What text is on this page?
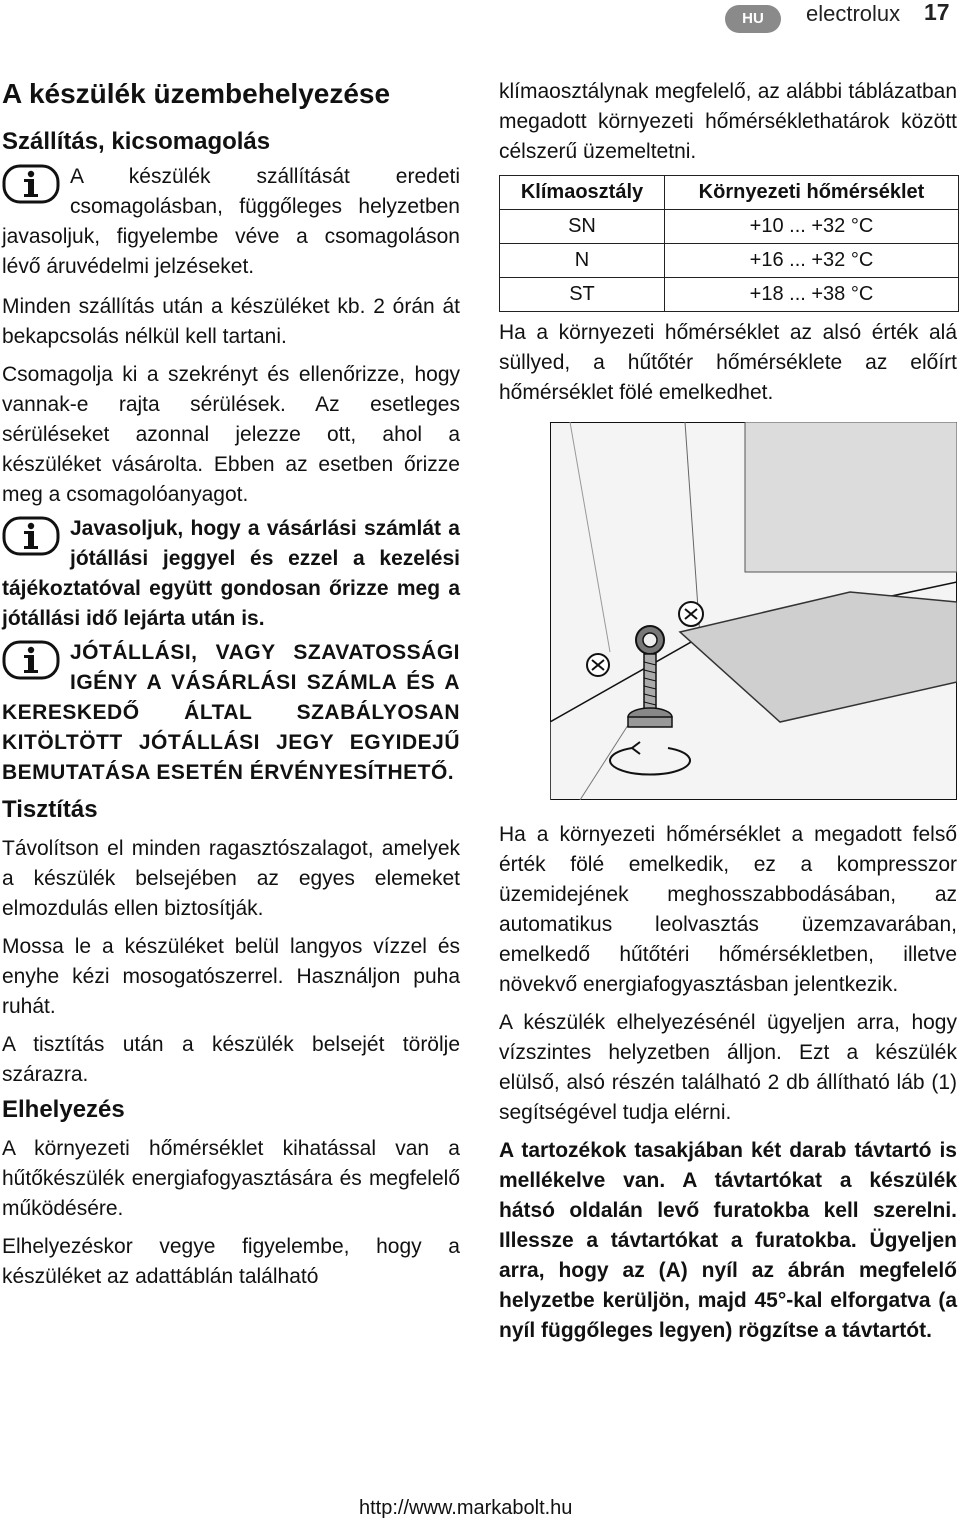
HU	electrolux 17
A készülék üzembehelyezése
Szállítás, kicsomagolás

A készülék szállítását eredeti csomagolásban, függőleges helyzetben javasoljuk, figyelembe véve a csomagoláson lévő áruvédelmi jelzéseket.

Minden szállítás után a készüléket kb. 2 órán át bekapcsolás nélkül kell tartani.

Csomagolja ki a szekrényt és ellenőrizze, hogy vannak-e rajta sérülések. Az esetleges sérüléseket azonnal jelezze ott, ahol a készüléket vásárolta. Ebben az esetben őrizze meg a csomagolóanyagot.

Javasoljuk, hogy a vásárlási számlát a jótállási jeggyel és ezzel a kezelési tájékoztatóval együtt gondosan őrizze meg a jótállási idő lejárta után is.

JÓTÁLLÁSI, VAGY SZAVATOSSÁGI IGÉNY A VÁSÁRLÁSI SZÁMLA ÉS A KERESKEDŐ ÁLTAL SZABÁLYOSAN KITÖLTÖTT JÓTÁLLÁSI JEGY EGYIDEJŰ BEMUTATÁSA ESETÉN ÉRVÉNYESÍTHETŐ.

Tisztítás

Távolítson el minden ragasztószalagot, amelyek a készülék belsejében az egyes elemeket elmozdulás ellen biztosítják.

Mossa le a készüléket belül langyos vízzel és enyhe kézi mosogatószerrel. Használjon puha ruhát.

A tisztítás után a készülék belsejét törölje szárazra.

Elhelyezés

A környezeti hőmérséklet kihatással van a hűtőkészülék energiafogyasztására és megfelelő működésére.

Elhelyezéskor vegye figyelembe, hogy a készüléket az adattáblán található

klímaosztálynak megfelelő, az alábbi táblázatban megadott környezeti hőmérséklethatárok között célszerű üzemeltetni.

Klímaosztály	Környezeti hőmérséklet
SN	+10 ... +32 °C
N	+16 ... +32 °C
ST	+18 ... +38 °C

Ha a környezeti hőmérséklet az alsó érték alá süllyed, a hűtőtér hőmérséklete az előírt hőmérséklet fölé emelkedhet.

Ha a környezeti hőmérséklet a megadott felső érték fölé emelkedik, ez a kompresszor üzemidejének meghosszabbodásában, az automatikus leolvasztás üzemzavarában, emelkedő hűtőtéri hőmérsékletben, illetve növekvő energiafogyasztásban jelentkezik.

A készülék elhelyezésénél ügyeljen arra, hogy vízszintes helyzetben álljon. Ezt a készülék elülső, alsó részén található 2 db állítható láb (1) segítségével tudja elérni.

A tartozékok tasakjában két darab távtartó is mellékelve van. A távtartókat a készülék hátsó oldalán levő furatokba kell szerelni. Illessze a távtartókat a furatokba. Ügyeljen arra, hogy az (A) nyíl az ábrán megfelelő helyzetbe kerüljön, majd 45°-kal elforgatva (a nyíl függőleges legyen) rögzítse a távtartót.

http://www.markabolt.hu
